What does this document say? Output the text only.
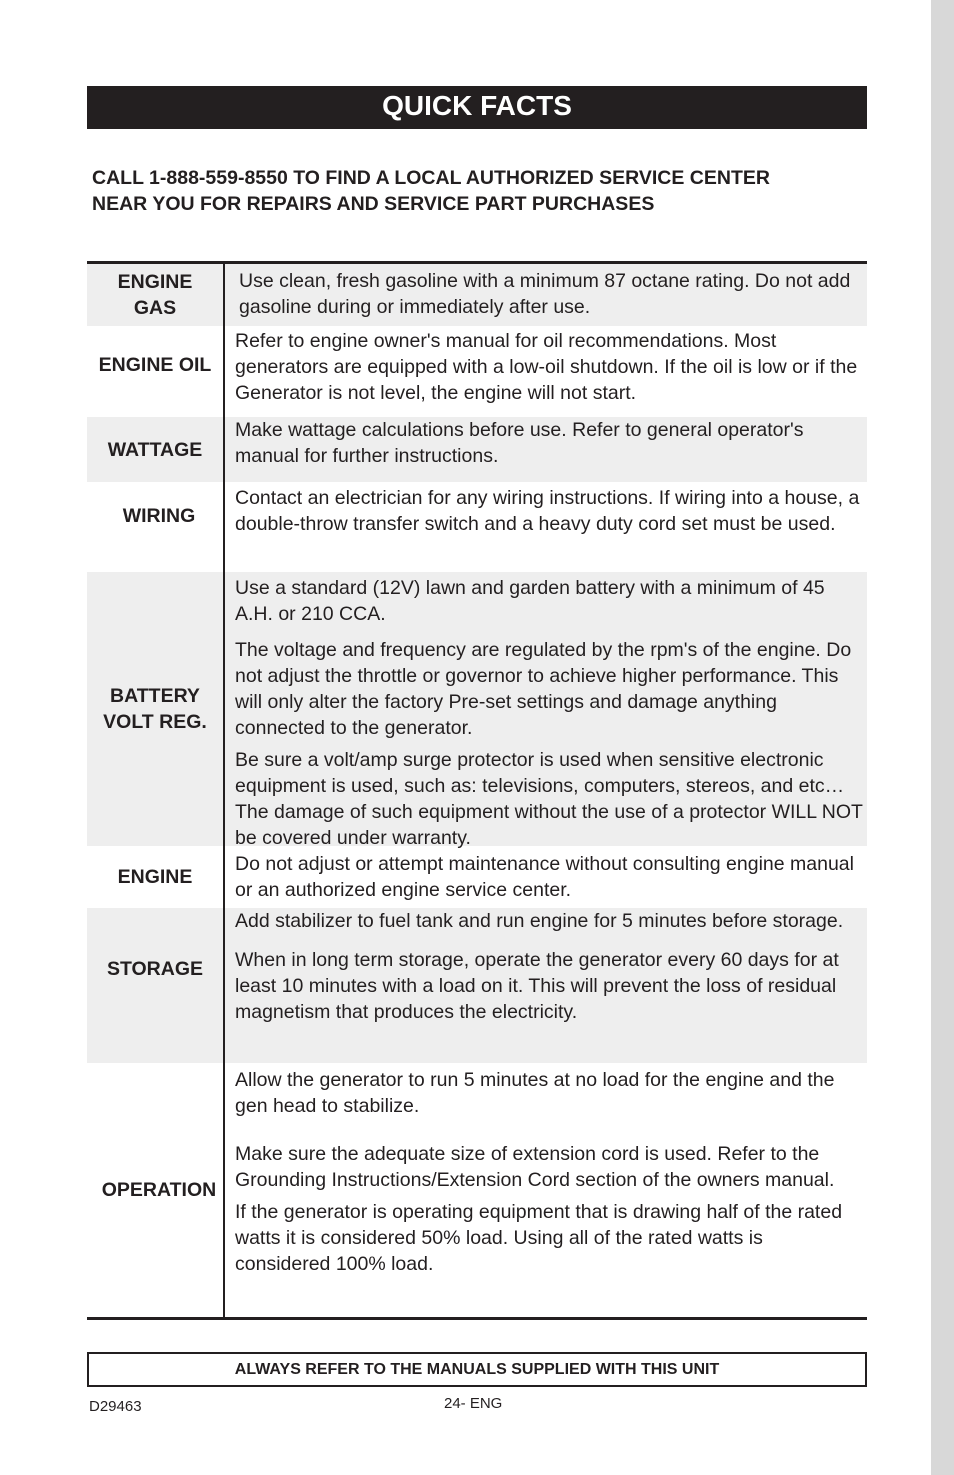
QUICK FACTS
CALL 1-888-559-8550 TO FIND A LOCAL AUTHORIZED SERVICE CENTER
NEAR YOU FOR REPAIRS AND SERVICE PART PURCHASES
ENGINE
GAS

Use clean, fresh gasoline with a minimum 87 octane rating. Do not add gasoline during or immediately after use.

ENGINE OIL

Refer to engine owner's manual for oil recommendations. Most generators are equipped with a low-oil shutdown. If the oil is low or if the Generator is not level, the engine will not start.

WATTAGE

Make wattage calculations before use. Refer to general operator's manual for further instructions.

WIRING

Contact an electrician for any wiring instructions. If wiring into a house, a double-throw transfer switch and a heavy duty cord set must be used.

BATTERY
VOLT REG.

Use a standard (12V) lawn and garden battery with a minimum of 45 A.H. or 210 CCA.

The voltage and frequency are regulated by the rpm's of the engine. Do not adjust the throttle or governor to achieve higher performance. This will only alter the factory Pre-set settings and damage anything connected to the generator.

Be sure a volt/amp surge protector is used when sensitive electronic equipment is used, such as: televisions, computers, stereos, and etc… The damage of such equipment without the use of a protector WILL NOT be covered under warranty.

ENGINE

Do not adjust or attempt maintenance without consulting engine manual or an authorized engine service center.

STORAGE

Add stabilizer to fuel tank and run engine for 5 minutes before storage.

When in long term storage, operate the generator every 60 days for at least 10 minutes with a load on it. This will prevent the loss of residual magnetism that produces the electricity.

OPERATION

Allow the generator to run 5 minutes at no load for the engine and the gen head to stabilize.

Make sure the adequate size of extension cord is used. Refer to the Grounding Instructions/Extension Cord section of the owners manual.

If the generator is operating equipment that is drawing half of the rated watts it is considered 50% load. Using all of the rated watts is considered 100% load.

ALWAYS REFER TO THE MANUALS SUPPLIED WITH THIS UNIT
D29463	24- ENG
